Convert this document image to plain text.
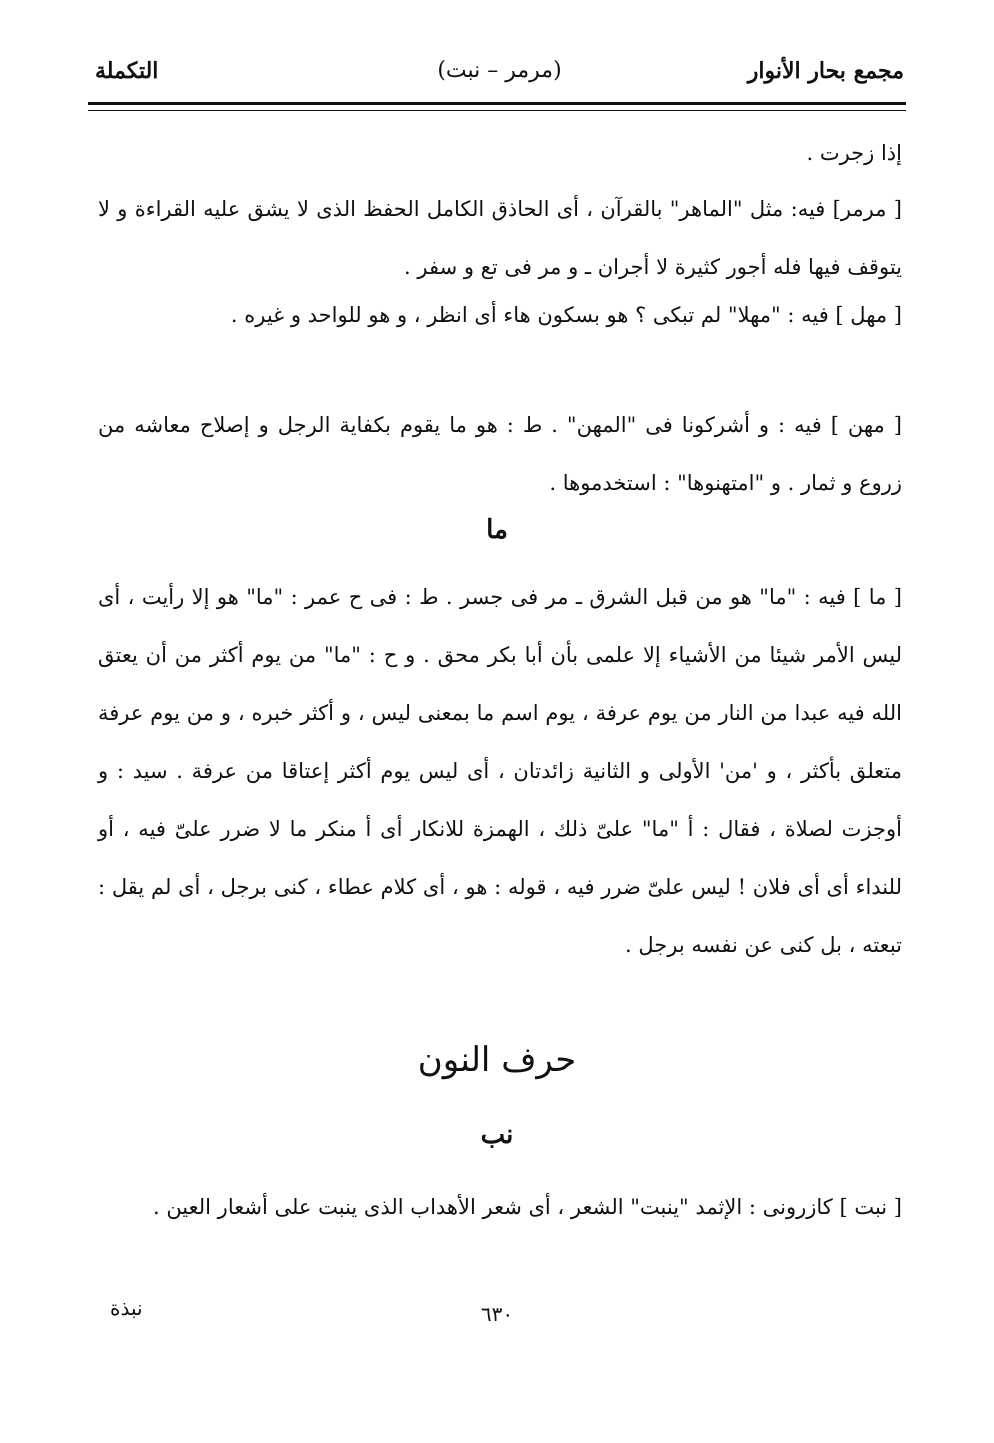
مجمع بحار الأنوار
(مرمر – نبت)
التكملة

إذا زجرت .

[ مرمر] فيه: مثل "الماهر" بالقرآن ، أى الحاذق الكامل الحفظ الذى لا يشق عليه القراءة و لا يتوقف فيها فله أجور كثيرة لا أجران ـ و مر فى تع و سفر .

[ مهل ] فيه : "مهلا" لم تبكى ؟ هو بسكون هاء أى انظر ، و هو للواحد و غيره .

[ مهن ] فيه : و أشركونا فى "المهن" . ط : هو ما يقوم بكفاية الرجل و إصلاح معاشه من زروع و ثمار . و "امتهنوها" : استخدموها .

ما

[ ما ] فيه : "ما" هو من قبل الشرق ـ مر فى جسر . ط : فى ح عمر : "ما" هو إلا رأيت ، أى ليس الأمر شيئا من الأشياء إلا علمى بأن أبا بكر محق . و ح : "ما" من يوم أكثر من أن يعتق الله فيه عبدا من النار من يوم عرفة ، يوم اسم ما بمعنى ليس ، و أكثر خبره ، و من يوم عرفة متعلق بأكثر ، و 'من' الأولى و الثانية زائدتان ، أى ليس يوم أكثر إعتاقا من عرفة . سيد : و أوجزت لصلاة ، فقال : أ "ما" علىّ ذلك ، الهمزة للانكار أى أ منكر ما لا ضرر علىّ فيه ، أو للنداء أى أى فلان ! ليس علىّ ضرر فيه ، قوله : هو ، أى كلام عطاء ، كنى برجل ، أى لم يقل : تبعته ، بل كنى عن نفسه برجل .

حرف النون
نب

[ نبت ] كازرونى : الإثمد "ينبت" الشعر ، أى شعر الأهداب الذى ينبت على أشعار العين .

٦٣٠
نبذة
